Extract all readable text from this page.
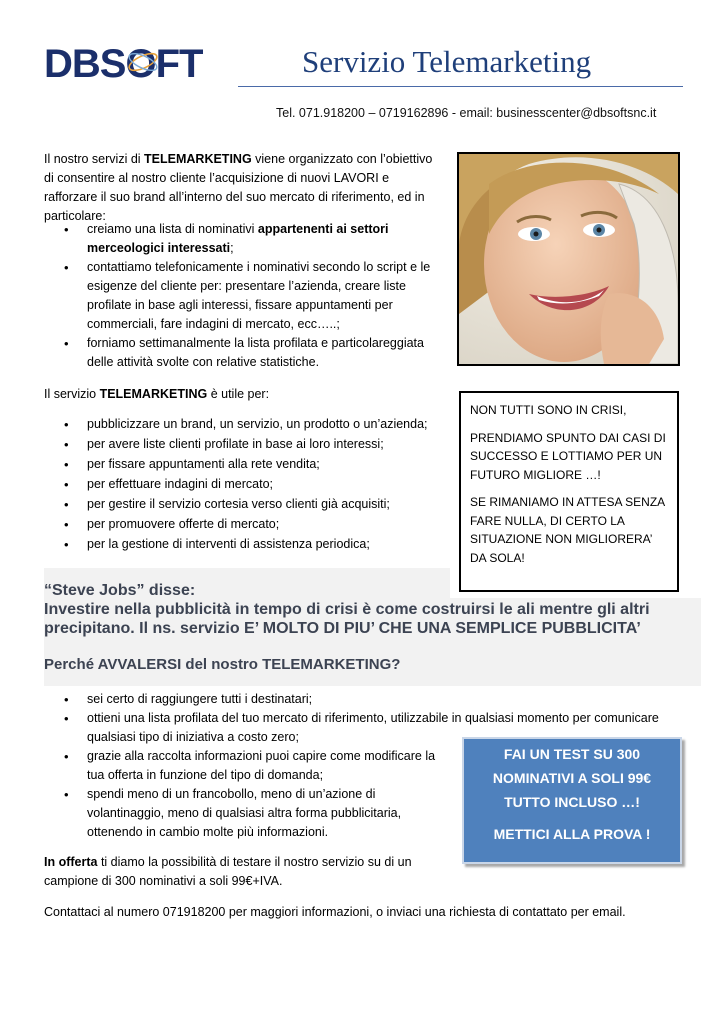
DBSOFT	Servizio Telemarketing
Tel. 071.918200 – 0719162896 - email: businesscenter@dbsoftsnc.it
Il nostro servizi di TELEMARKETING viene organizzato con l’obiettivo di consentire al nostro cliente l’acquisizione di nuovi LAVORI e rafforzare il suo brand all’interno del suo mercato di riferimento, ed in particolare:
• creiamo una lista di nominativi appartenenti ai settori merceologici interessati;
• contattiamo telefonicamente i nominativi secondo lo script e le esigenze del cliente per: presentare l’azienda, creare liste profilate in base agli interessi, fissare appuntamenti per commerciali, fare indagini di mercato, ecc…..;
• forniamo settimanalmente la lista profilata e particolareggiata delle attività svolte con relative statistiche.
Il servizio TELEMARKETING è utile per:
• pubblicizzare un brand, un servizio, un prodotto o un’azienda;
• per avere liste clienti profilate in base ai loro interessi;
• per fissare appuntamenti alla rete vendita;
• per effettuare indagini di mercato;
• per gestire il servizio cortesia verso clienti già acquisiti;
• per promuovere offerte di mercato;
• per la gestione di interventi di assistenza periodica;

NON TUTTI SONO IN CRISI,

PRENDIAMO SPUNTO DAI CASI DI SUCCESSO E LOTTIAMO PER UN FUTURO MIGLIORE …!

SE RIMANIAMO IN ATTESA SENZA FARE NULLA, DI CERTO LA SITUAZIONE NON MIGLIORERA’ DA SOLA!

“Steve Jobs” disse:
Investire nella pubblicità in tempo di crisi è come costruirsi le ali mentre gli altri precipitano. Il ns. servizio E’ MOLTO DI PIU’ CHE UNA SEMPLICE PUBBLICITA’
Perché AVVALERSI del nostro TELEMARKETING?
• sei certo di raggiungere tutti i destinatari;
• ottieni una lista profilata del tuo mercato di riferimento, utilizzabile in qualsiasi momento per comunicare qualsiasi tipo di iniziativa a costo zero;
• grazie alla raccolta informazioni puoi capire come modificare la tua offerta in funzione del tipo di domanda;
• spendi meno di un francobollo, meno di un’azione di volantinaggio, meno di qualsiasi altra forma pubblicitaria, ottenendo in cambio molte più informazioni.

FAI UN TEST SU 300

NOMINATIVI A SOLI 99€

TUTTO INCLUSO …!

METTICI ALLA PROVA !

In offerta ti diamo la possibilità di testare il nostro servizio su di un campione di 300 nominativi a soli 99€+IVA.
Contattaci al numero 071918200 per maggiori informazioni, o inviaci una richiesta di contattato per email.
